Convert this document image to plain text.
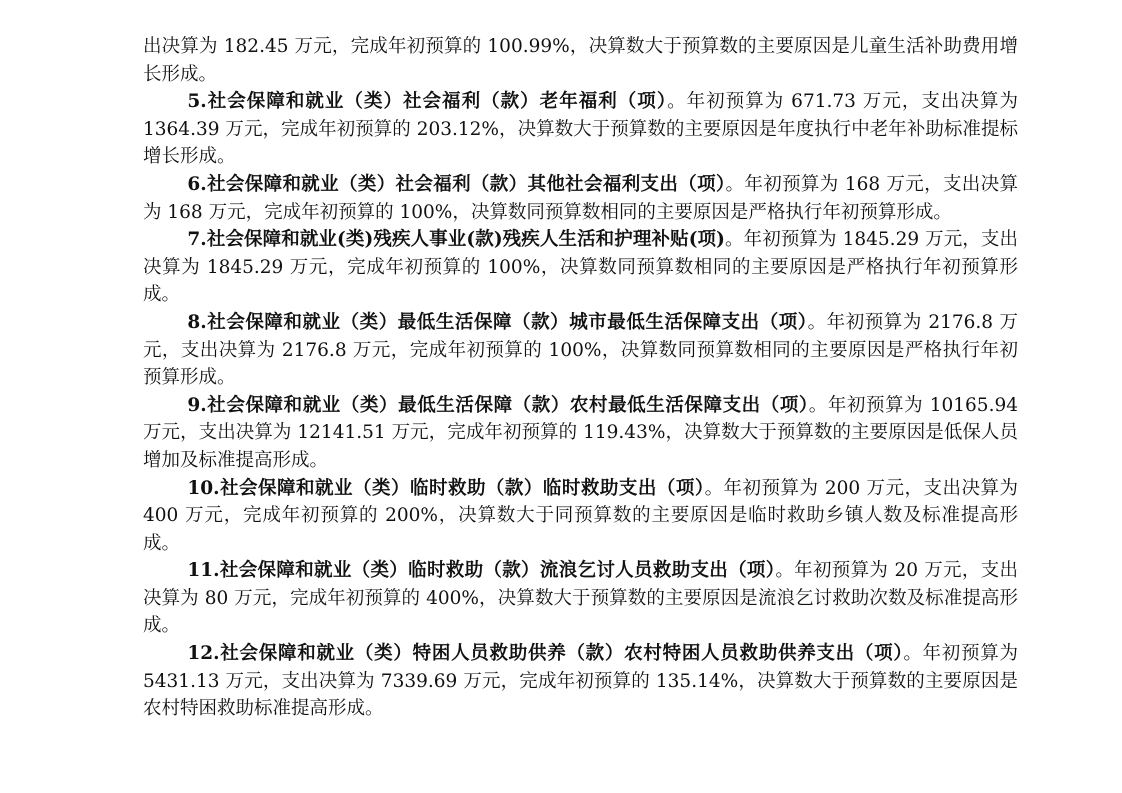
出决算为 182.45 万元，完成年初预算的 100.99%，决算数大于预算数的主要原因是儿童生活补助费用增长形成。

5.社会保障和就业（类）社会福利（款）老年福利（项）。年初预算为 671.73 万元，支出决算为 1364.39 万元，完成年初预算的 203.12%，决算数大于预算数的主要原因是年度执行中老年补助标准提标增长形成。

6.社会保障和就业（类）社会福利（款）其他社会福利支出（项）。年初预算为 168 万元，支出决算为 168 万元，完成年初预算的 100%，决算数同预算数相同的主要原因是严格执行年初预算形成。

7.社会保障和就业(类)残疾人事业(款)残疾人生活和护理补贴(项)。年初预算为 1845.29 万元，支出决算为 1845.29 万元，完成年初预算的 100%，决算数同预算数相同的主要原因是严格执行年初预算形成。

8.社会保障和就业（类）最低生活保障（款）城市最低生活保障支出（项）。年初预算为 2176.8 万元，支出决算为 2176.8 万元，完成年初预算的 100%，决算数同预算数相同的主要原因是严格执行年初预算形成。

9.社会保障和就业（类）最低生活保障（款）农村最低生活保障支出（项）。年初预算为 10165.94 万元，支出决算为 12141.51 万元，完成年初预算的 119.43%，决算数大于预算数的主要原因是低保人员增加及标准提高形成。

10.社会保障和就业（类）临时救助（款）临时救助支出（项）。年初预算为 200 万元，支出决算为 400 万元，完成年初预算的 200%，决算数大于同预算数的主要原因是临时救助乡镇人数及标准提高形成。

11.社会保障和就业（类）临时救助（款）流浪乞讨人员救助支出（项）。年初预算为 20 万元，支出决算为 80 万元，完成年初预算的 400%，决算数大于预算数的主要原因是流浪乞讨救助次数及标准提高形成。

12.社会保障和就业（类）特困人员救助供养（款）农村特困人员救助供养支出（项）。年初预算为 5431.13 万元，支出决算为 7339.69 万元，完成年初预算的 135.14%，决算数大于预算数的主要原因是农村特困救助标准提高形成。
